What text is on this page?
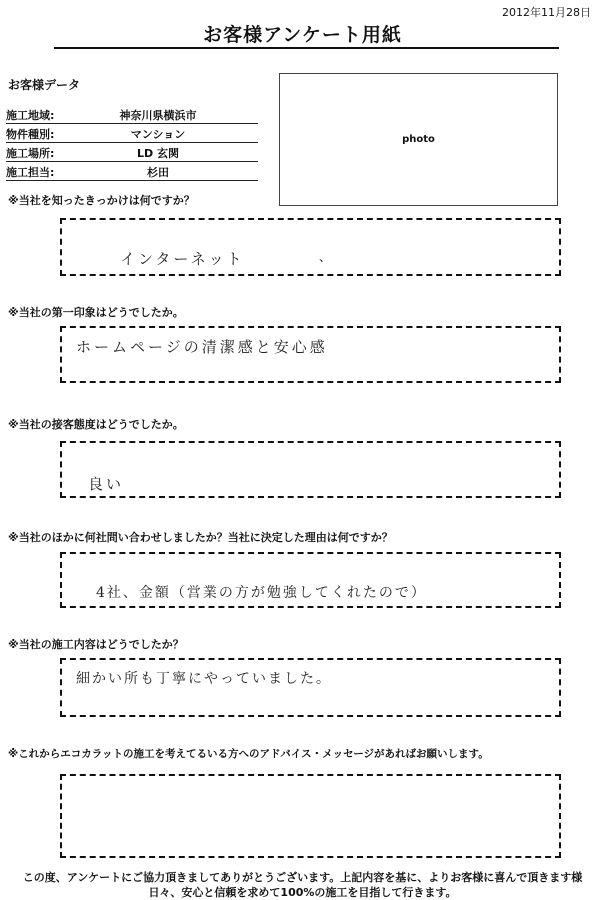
2012年11月28日
お客様アンケート用紙
お客様データ
施工地域:	神奈川県横浜市
物件種別:	マンション
施工場所:	LD 玄関
施工担当:	杉田
photo
※当社を知ったきっかけは何ですか？
インターネット	、
※当社の第一印象はどうでしたか。
ホームページの清潔感と安心感
※当社の接客態度はどうでしたか。
良い
※当社のほかに何社問い合わせしましたか？当社に決定した理由は何ですか？
4社、金額（営業の方が勉強してくれたので）
※当社の施工内容はどうでしたか？
細かい所も丁寧にやっていました。
※これからエコカラットの施工を考えてるいる方へのアドバイス・メッセージがあればお願いします。
この度、アンケートにご協力頂きましてありがとうございます。上記内容を基に、よりお客様に喜んで頂きます様
日々、安心と信頼を求めて100%の施工を目指して行きます。
